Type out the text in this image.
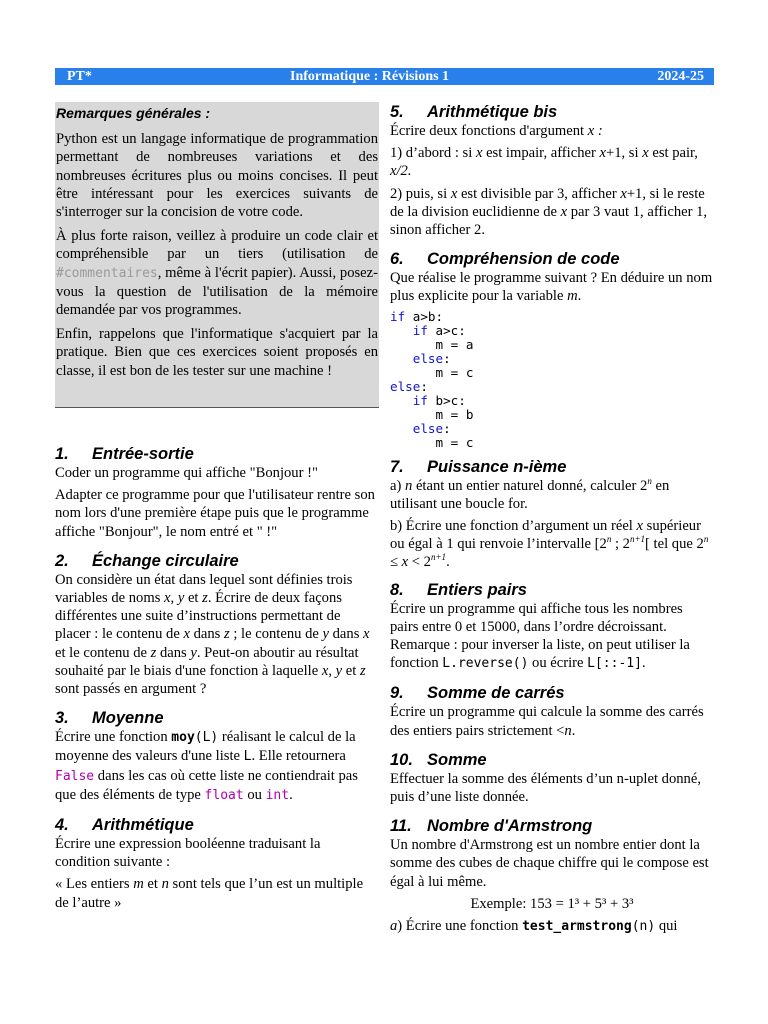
PT*	Informatique : Révisions 1	2024-25
Remarques générales :

Python est un langage informatique de programmation permettant de nombreuses variations et des nombreuses écritures plus ou moins concises. Il peut être intéressant pour les exercices suivants de s'interroger sur la concision de votre code.

À plus forte raison, veillez à produire un code clair et compréhensible par un tiers (utilisation de #commentaires, même à l'écrit papier). Aussi, posez-vous la question de l'utilisation de la mémoire demandée par vos programmes.

Enfin, rappelons que l'informatique s'acquiert par la pratique. Bien que ces exercices soient proposés en classe, il est bon de les tester sur une machine !

1. Entrée-sortie

Coder un programme qui affiche "Bonjour !"

Adapter ce programme pour que l'utilisateur rentre son nom lors d'une première étape puis que le programme affiche "Bonjour", le nom entré et " !"

2. Échange circulaire

On considère un état dans lequel sont définies trois variables de noms x, y et z. Écrire de deux façons différentes une suite d’instructions permettant de placer : le contenu de x dans z ; le contenu de y dans x et le contenu de z dans y. Peut-on aboutir au résultat souhaité par le biais d'une fonction à laquelle x, y et z sont passés en argument ?

3. Moyenne

Écrire une fonction moy(L) réalisant le calcul de la moyenne des valeurs d'une liste L. Elle retournera False dans les cas où cette liste ne contiendrait pas que des éléments de type float ou int.

4. Arithmétique

Écrire une expression booléenne traduisant la condition suivante :

« Les entiers m et n sont tels que l’un est un multiple de l’autre »

5. Arithmétique bis

Écrire deux fonctions d'argument x :

1) d’abord : si x est impair, afficher x+1, si x est pair, x/2.

2) puis, si x est divisible par 3, afficher x+1, si le reste de la division euclidienne de x par 3 vaut 1, afficher 1, sinon afficher 2.

6. Compréhension de code

Que réalise le programme suivant ? En déduire un nom plus explicite pour la variable m.

if a>b:
if a>c:
m = a
else:
m = c
else:
if b>c:
m = b
else:
m = c
7. Puissance n-ième

a) n étant un entier naturel donné, calculer 2$^n$ en utilisant une boucle for.

b) Écrire une fonction d’argument un réel x supérieur ou égal à 1 qui renvoie l’intervalle [2$^n$ ; $2^{n+1}$[ tel que $2^n \le x < 2^{n+1}$.

8. Entiers pairs

Écrire un programme qui affiche tous les nombres pairs entre 0 et 15000, dans l’ordre décroissant. Remarque : pour inverser la liste, on peut utiliser la fonction L.reverse() ou écrire L[::-1].

9. Somme de carrés

Écrire un programme qui calcule la somme des carrés des entiers pairs strictement <n.

10. Somme

Effectuer la somme des éléments d’un n-uplet donné, puis d’une liste donnée.

11. Nombre d'Armstrong

Un nombre d'Armstrong est un nombre entier dont la somme des cubes de chaque chiffre qui le compose est égal à lui même.

Exemple: 153 = 1³ + 5³ + 3³

a) Écrire une fonction test_armstrong(n) qui
